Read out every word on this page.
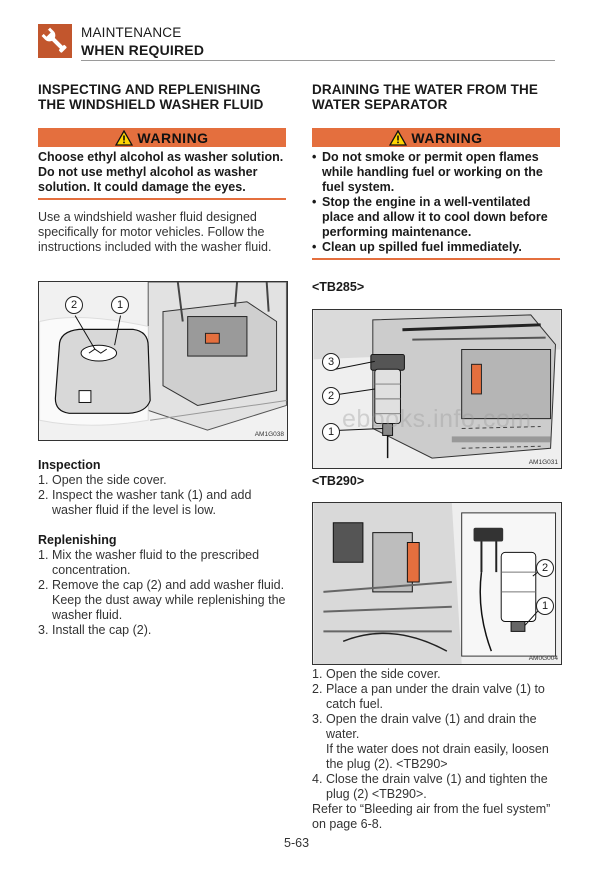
MAINTENANCE
WHEN REQUIRED
INSPECTING AND REPLENISHING THE WINDSHIELD WASHER FLUID
WARNING
Choose ethyl alcohol as washer solution. Do not use methyl alcohol as washer solution. It could damage the eyes.
Use a windshield washer fluid designed specifically for motor vehicles. Follow the instructions included with the washer fluid.
2	1
AM1G038
Inspection
1. Open the side cover.
2. Inspect the washer tank (1) and add washer fluid if the level is low.
Replenishing
1. Mix the washer fluid to the prescribed concentration.
2. Remove the cap (2) and add washer fluid. Keep the dust away while replenishing the washer fluid.
3. Install the cap (2).
DRAINING THE WATER FROM THE WATER SEPARATOR
WARNING
• Do not smoke or permit open flames while handling fuel or working on the fuel system.
• Stop the engine in a well-ventilated place and allow it to cool down before performing maintenance.
• Clean up spilled fuel immediately.
<TB285>
3
2
1
AM1G031
<TB290>
2
1
AM0G004
1. Open the side cover.
2. Place a pan under the drain valve (1) to catch fuel.
3. Open the drain valve (1) and drain the water.
If the water does not drain easily, loosen the plug (2). <TB290>
4. Close the drain valve (1) and tighten the plug (2) <TB290>.
Refer to “Bleeding air from the fuel system” on page 6-8.
ebooks.info.com
5-63
